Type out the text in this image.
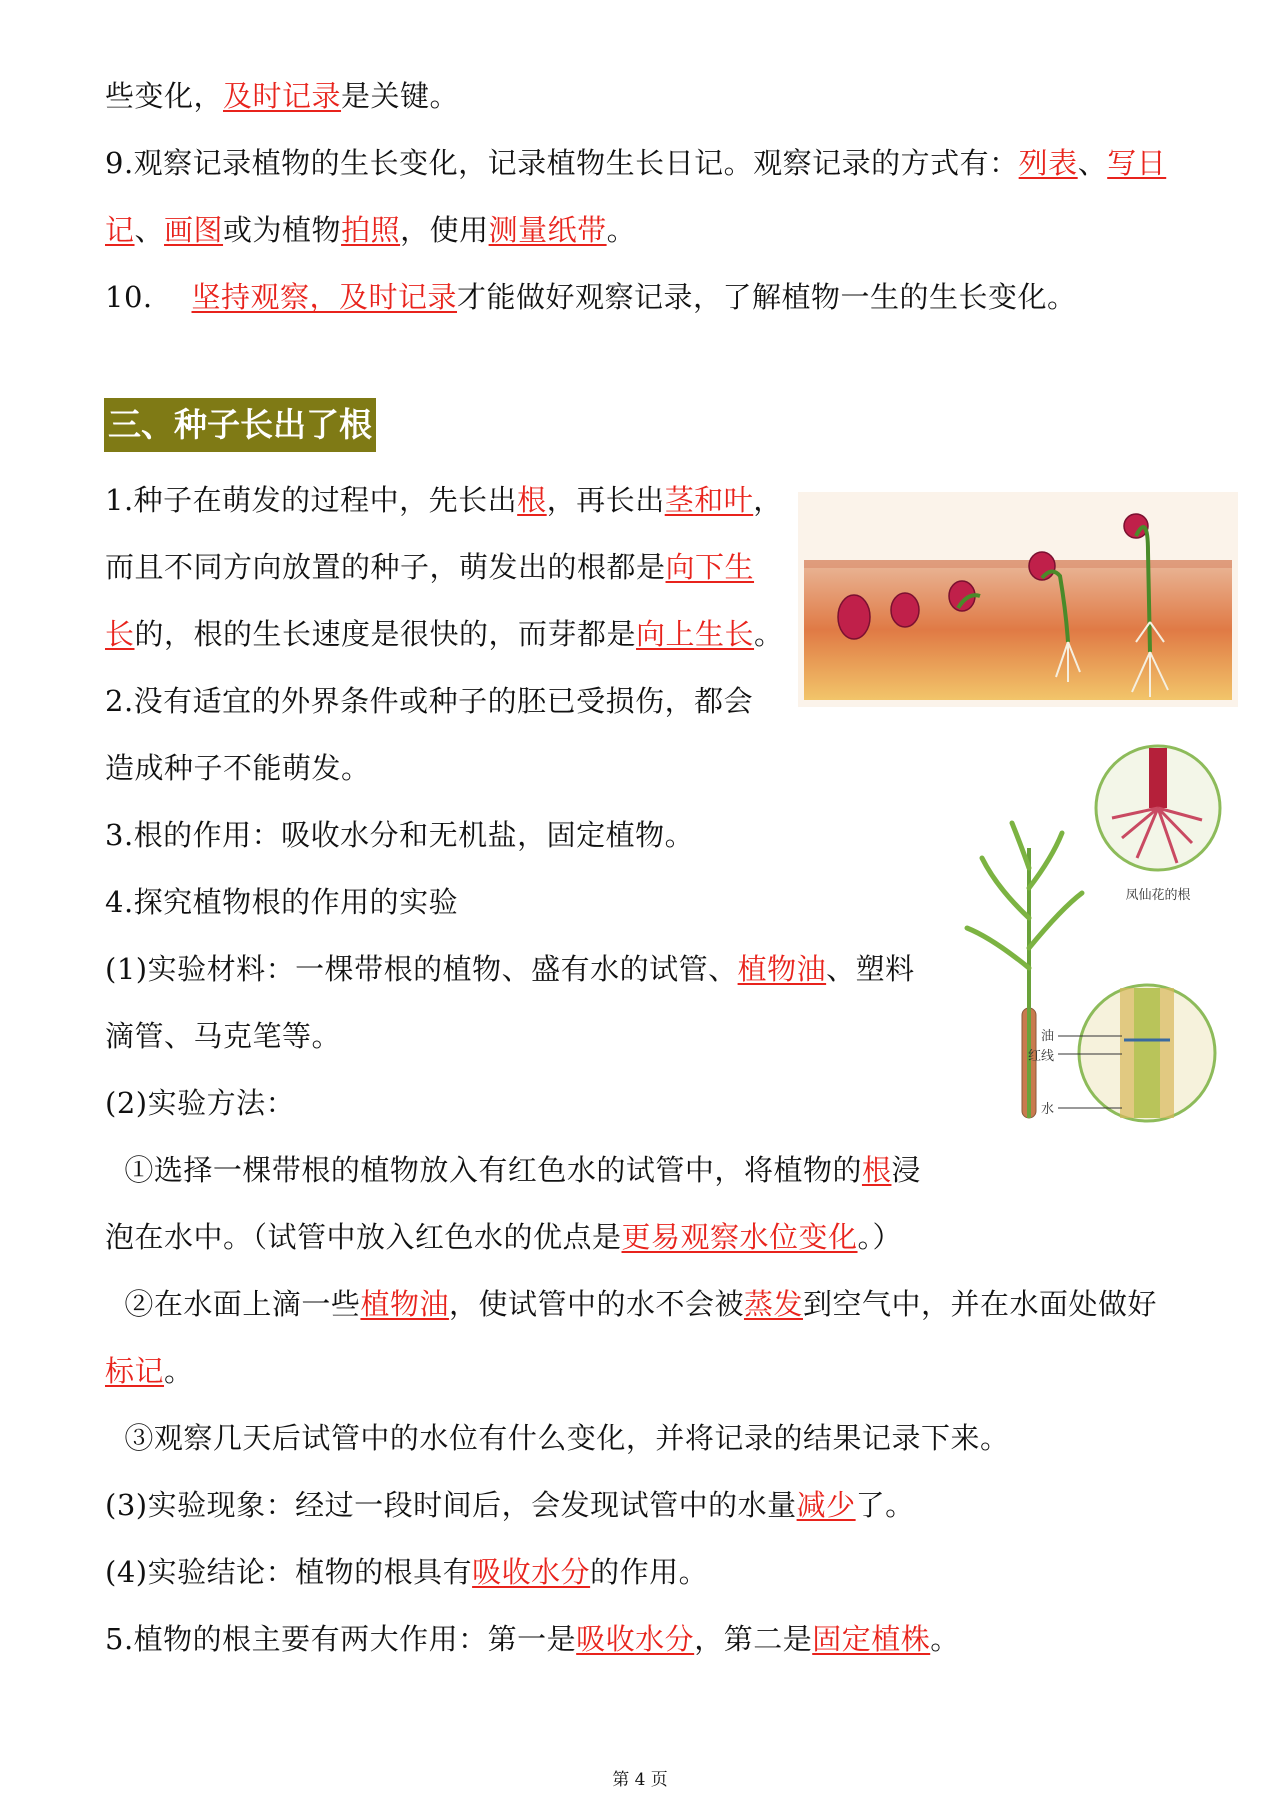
些变化，及时记录是关键。
9.观察记录植物的生长变化，记录植物生长日记。观察记录的方式有：列表、写日
记、画图或为植物拍照，使用测量纸带。
10.    坚持观察，及时记录才能做好观察记录，了解植物一生的生长变化。
三、种子长出了根
1.种子在萌发的过程中，先长出根，再长出茎和叶，
而且不同方向放置的种子，萌发出的根都是向下生
长的，根的生长速度是很快的，而芽都是向上生长。
2.没有适宜的外界条件或种子的胚已受损伤，都会
造成种子不能萌发。
3.根的作用：吸收水分和无机盐，固定植物。
4.探究植物根的作用的实验
(1)实验材料：一棵带根的植物、盛有水的试管、植物油、塑料
滴管、马克笔等。
(2)实验方法：
①选择一棵带根的植物放入有红色水的试管中，将植物的根浸
泡在水中。（试管中放入红色水的优点是更易观察水位变化。）
②在水面上滴一些植物油，使试管中的水不会被蒸发到空气中，并在水面处做好
标记。
③观察几天后试管中的水位有什么变化，并将记录的结果记录下来。
(3)实验现象：经过一段时间后，会发现试管中的水量减少了。
(4)实验结论：植物的根具有吸收水分的作用。
5.植物的根主要有两大作用：第一是吸收水分，第二是固定植株。
凤仙花的根
油
红线
水
第 4 页
